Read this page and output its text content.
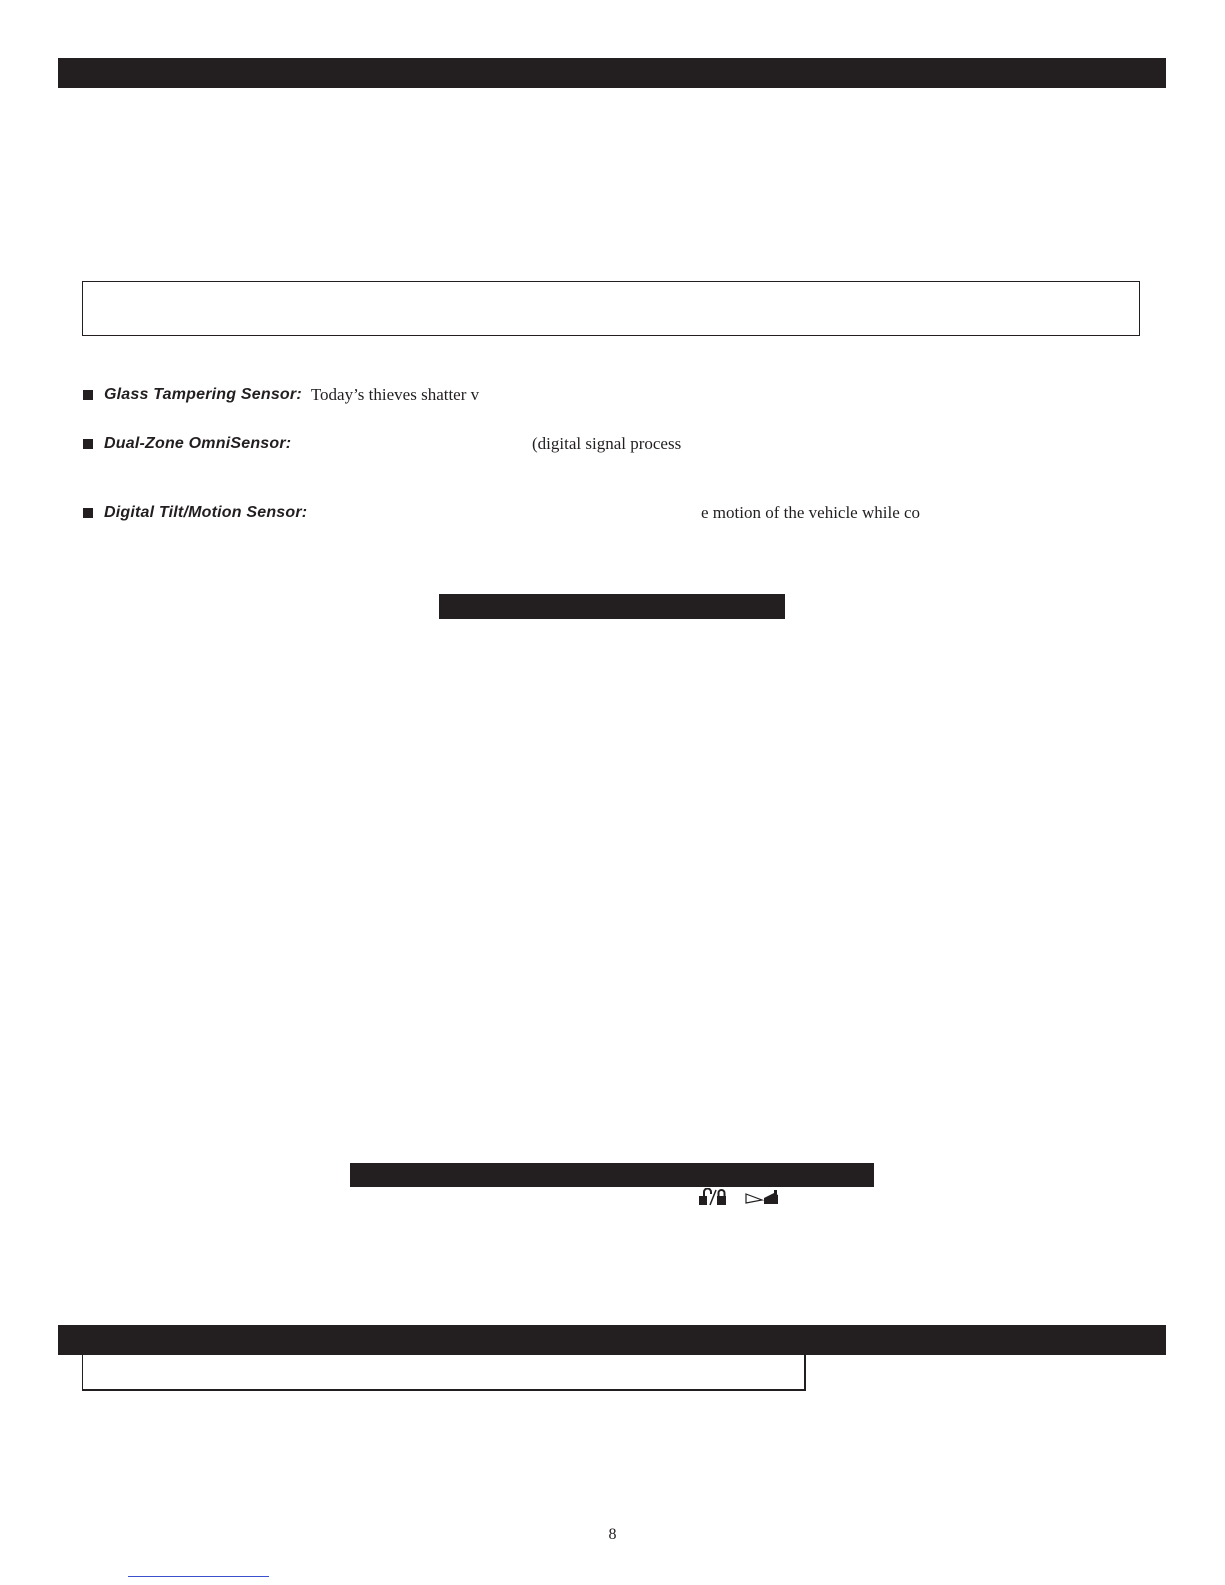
Glass Tampering Sensor: Today’s thieves shatter v
Dual-Zone OmniSensor:	(digital signal process
Digital Tilt/Motion Sensor:	e motion of the vehicle while co
8
